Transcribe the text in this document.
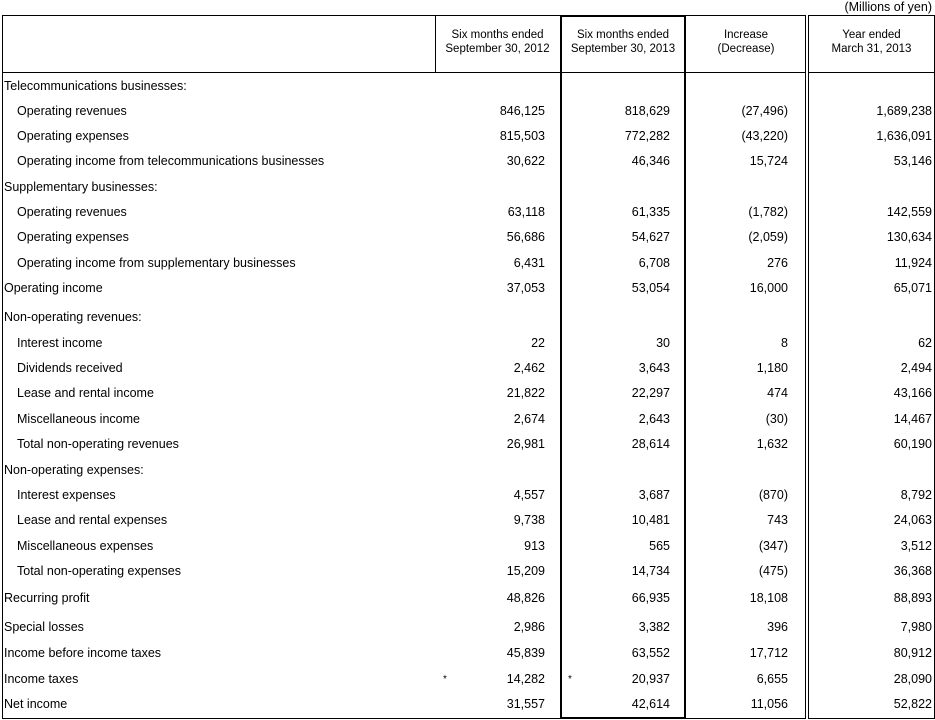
(Millions of yen)
Six months ended
September 30, 2012
Six months ended
September 30, 2013
Increase
(Decrease)
Year ended
March 31, 2013
Telecommunications businesses:
Operating revenues	846,125	818,629	(27,496)	1,689,238
Operating expenses	815,503	772,282	(43,220)	1,636,091
Operating income from telecommunications businesses	30,622	46,346	15,724	53,146
Supplementary businesses:
Operating revenues	63,118	61,335	(1,782)	142,559
Operating expenses	56,686	54,627	(2,059)	130,634
Operating income from supplementary businesses	6,431	6,708	276	11,924
Operating income	37,053	53,054	16,000	65,071
Non-operating revenues:
Interest income	22	30	8	62
Dividends received	2,462	3,643	1,180	2,494
Lease and rental income	21,822	22,297	474	43,166
Miscellaneous income	2,674	2,643	(30)	14,467
Total non-operating revenues	26,981	28,614	1,632	60,190
Non-operating expenses:
Interest expenses	4,557	3,687	(870)	8,792
Lease and rental expenses	9,738	10,481	743	24,063
Miscellaneous expenses	913	565	(347)	3,512
Total non-operating expenses	15,209	14,734	(475)	36,368
Recurring profit	48,826	66,935	18,108	88,893
Special losses	2,986	3,382	396	7,980
Income before income taxes	45,839	63,552	17,712	80,912
Income taxes	14,282	20,937	6,655	28,090
*	*
Net income	31,557	42,614	11,056	52,822
